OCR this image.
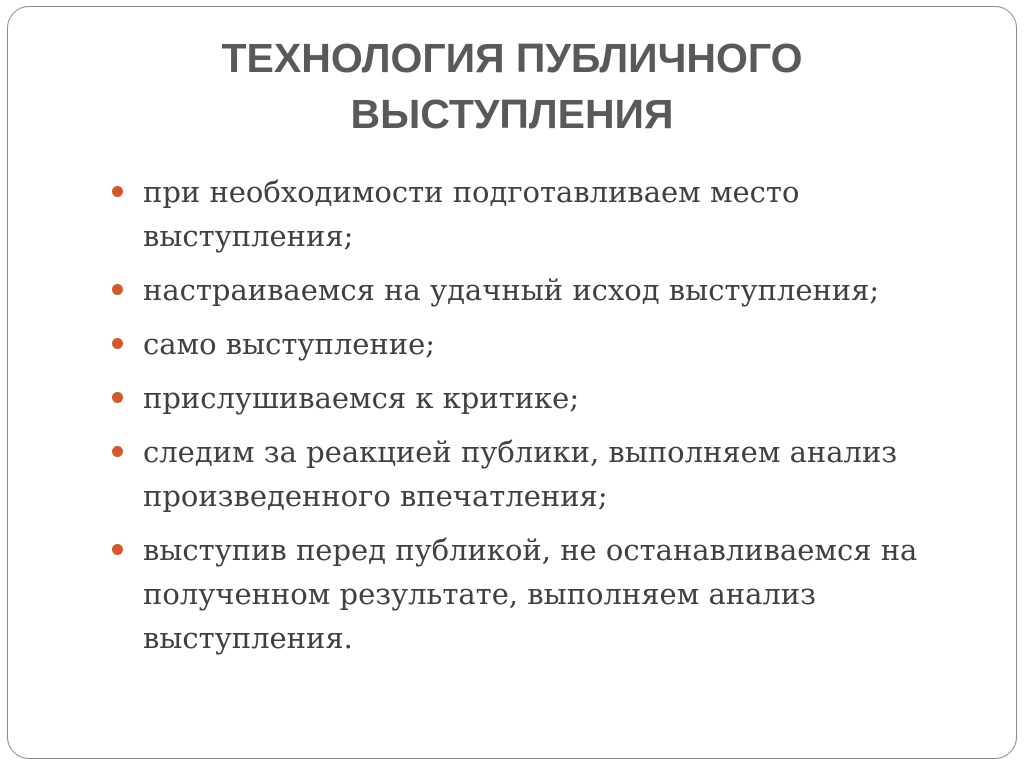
ТЕХНОЛОГИЯ ПУБЛИЧНОГО
ВЫСТУПЛЕНИЯ
при необходимости подготавливаем место выступления;
настраиваемся на удачный исход выступления;
само выступление;
прислушиваемся к критике;
следим за реакцией публики, выполняем анализ произведенного впечатления;
выступив перед публикой, не останавливаемся на полученном результате, выполняем анализ выступления.
